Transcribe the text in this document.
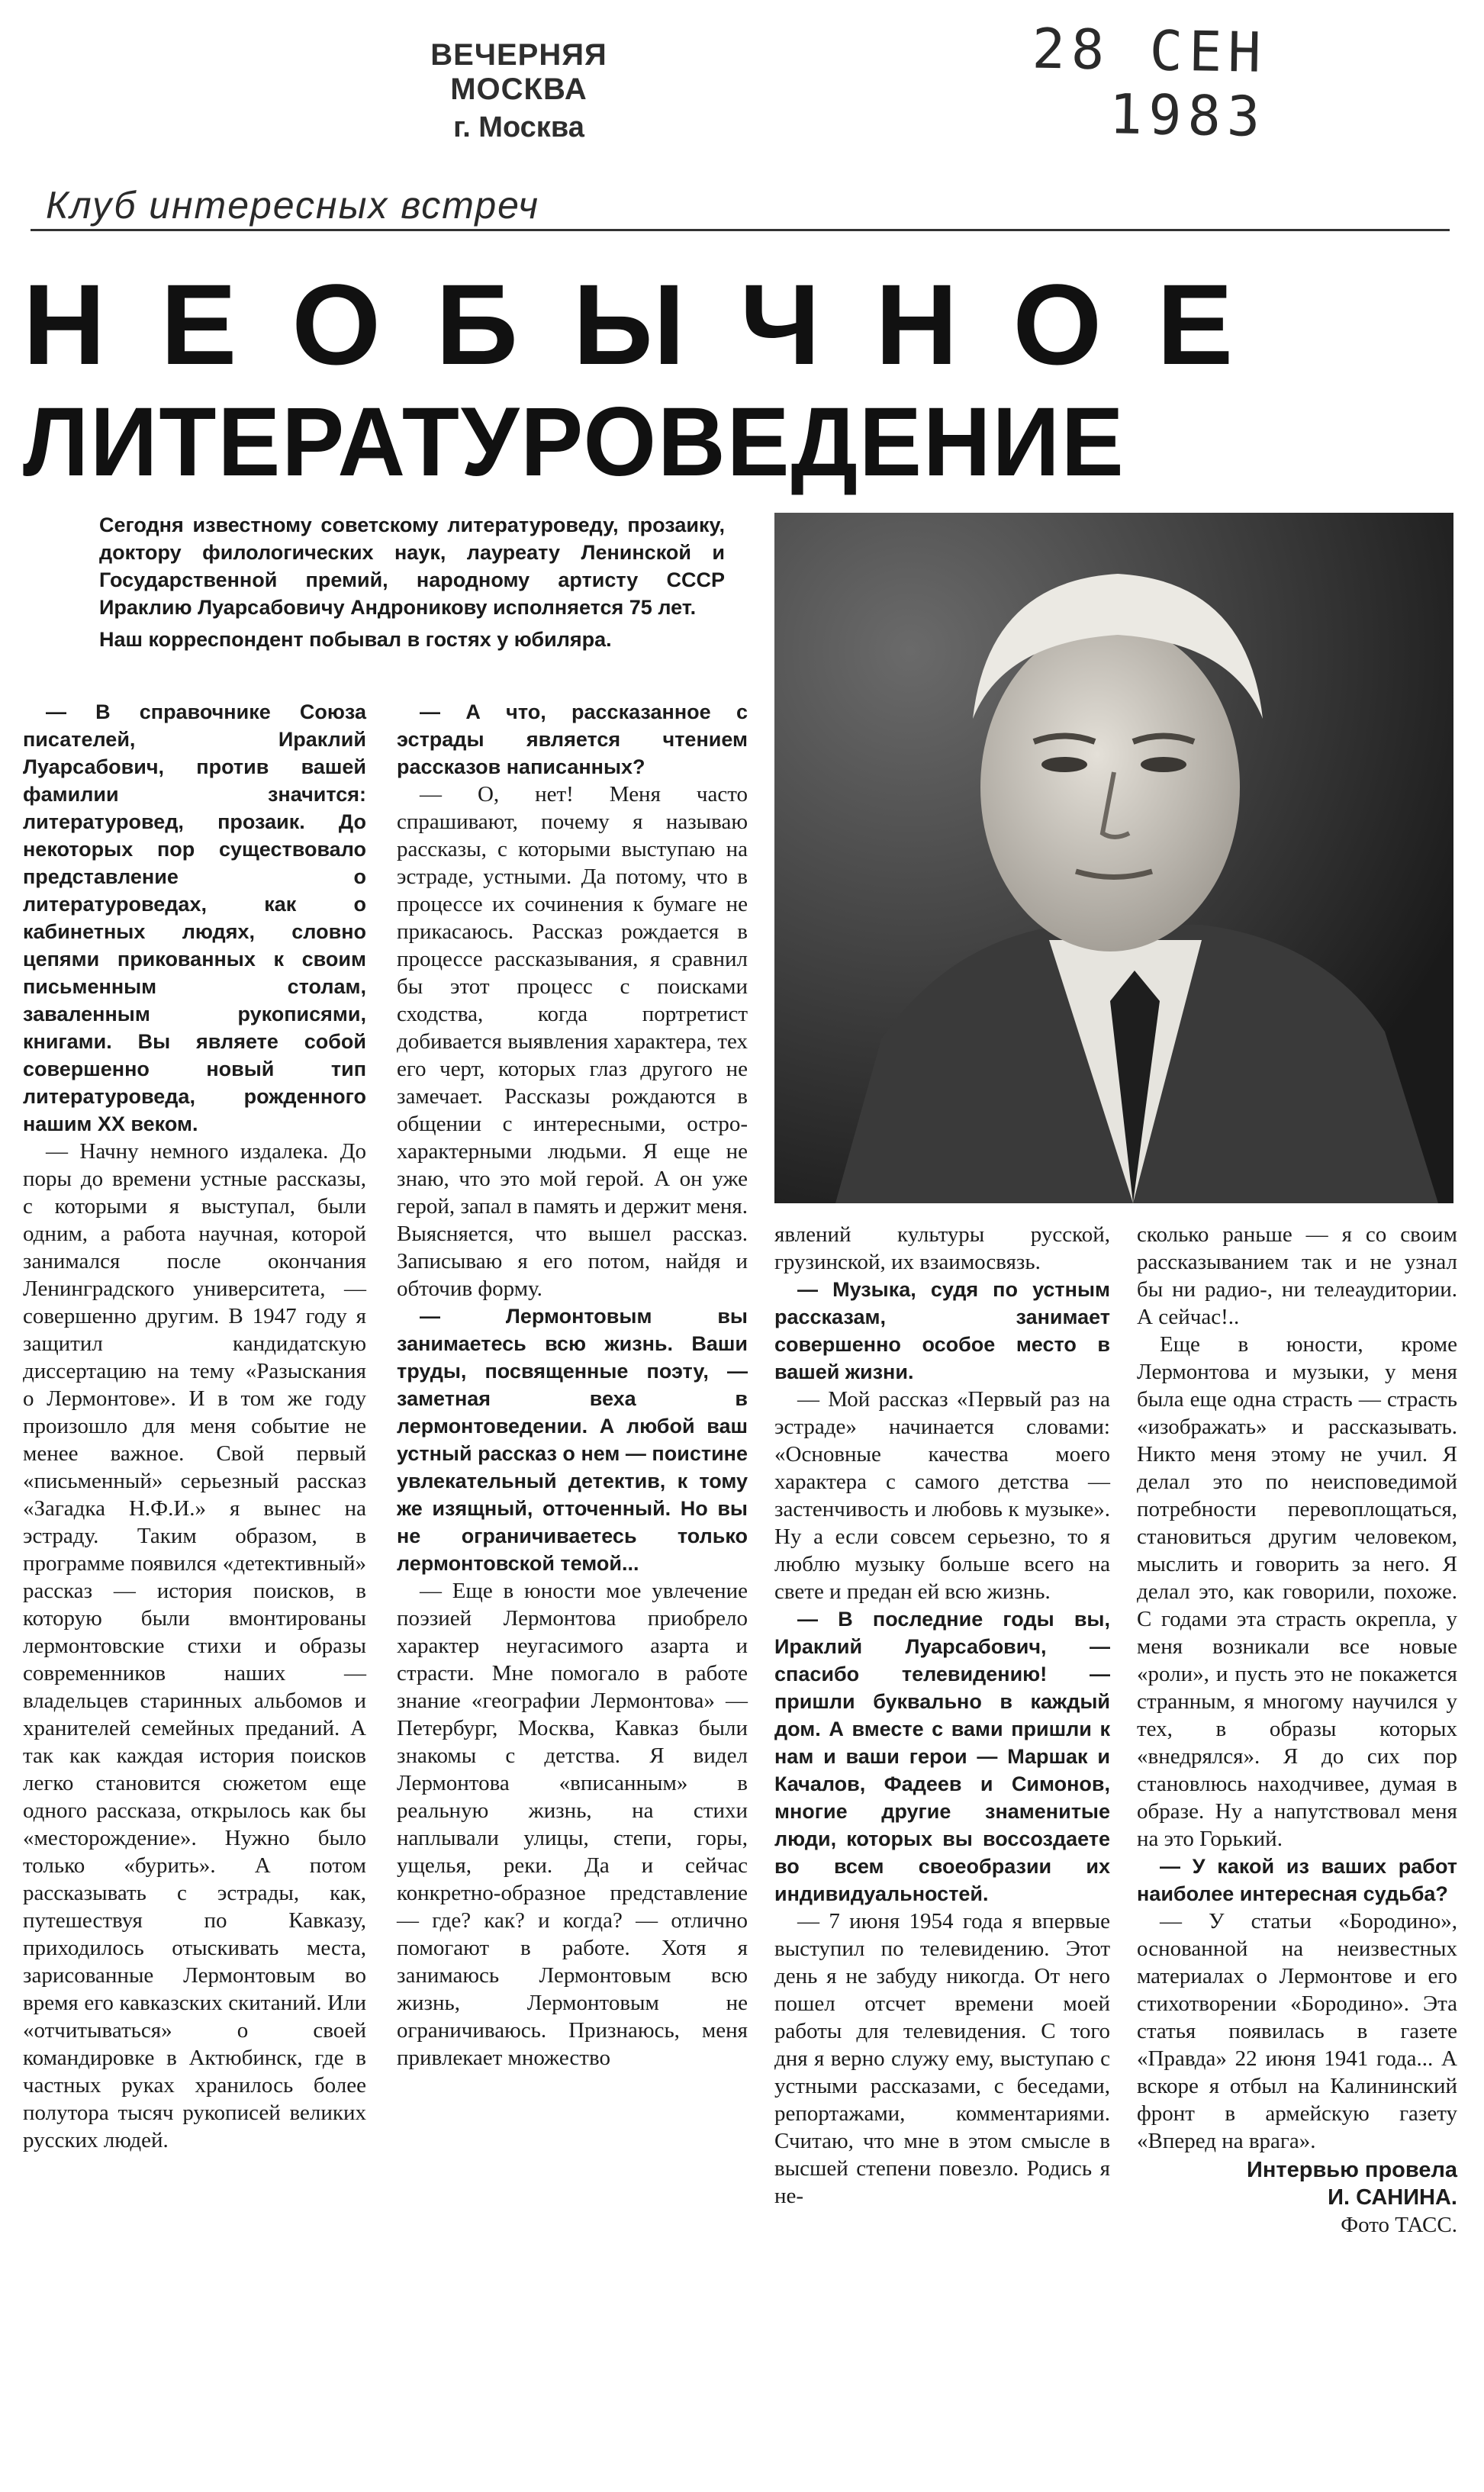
ВЕЧЕРНЯЯ МОСКВА
г. Москва
28 СЕН 1983
Клуб интересных встреч
НЕОБЫЧНОЕ
ЛИТЕРАТУРОВЕДЕНИЕ

Сегодня известному советскому литературоведу, прозаику, доктору филологических наук, лауреату Ленинской и Государственной премий, народному артисту СССР Ираклию Луарсабовичу Андроникову исполняется 75 лет.

Наш корреспондент побывал в гостях у юбиляра.

— В справочнике Союза писателей, Ираклий Луарсабович, против вашей фамилии значится: литературовед, прозаик. До некоторых пор существовало представление о литературоведах, как о кабинетных людях, словно цепями прикованных к своим письменным столам, заваленным рукописями, книгами. Вы являете собой совершенно новый тип литературоведа, рожденного нашим XX веком.

— Начну немного издалека. До поры до времени устные рассказы, с которыми я выступал, были одним, а работа научная, которой занимался после окончания Ленинградского университета, — совершенно другим. В 1947 году я защитил кандидатскую диссертацию на тему «Разыскания о Лермонтове». И в том же году произошло для меня событие не менее важное. Свой первый «письменный» серьезный рассказ «Загадка Н.Ф.И.» я вынес на эстраду. Таким образом, в программе появился «детективный» рассказ — история поисков, в которую были вмонтированы лермонтовские стихи и образы современников наших — владельцев старинных альбомов и хранителей семейных преданий. А так как каждая история поисков легко становится сюжетом еще одного рассказа, открылось как бы «месторождение». Нужно было только «бурить». А потом рассказывать с эстрады, как, путешествуя по Кавказу, приходилось отыскивать места, зарисованные Лермонтовым во время его кавказских скитаний. Или «отчитываться» о своей командировке в Актюбинск, где в частных руках хранилось более полутора тысяч рукописей великих русских людей.

— А что, рассказанное с эстрады является чтением рассказов написанных?

— О, нет! Меня часто спрашивают, почему я называю рассказы, с которыми выступаю на эстраде, устными. Да потому, что в процессе их сочинения к бумаге не прикасаюсь. Рассказ рождается в процессе рассказывания, я сравнил бы этот процесс с поисками сходства, когда портретист добивается выявления характера, тех его черт, которых глаз другого не замечает. Рассказы рождаются в общении с интересными, острохарактерными людьми. Я еще не знаю, что это мой герой. А он уже герой, запал в память и держит меня. Выясняется, что вышел рассказ. Записываю я его потом, найдя и обточив форму.

— Лермонтовым вы занимаетесь всю жизнь. Ваши труды, посвященные поэту, — заметная веха в лермонтоведении. А любой ваш устный рассказ о нем — поистине увлекательный детектив, к тому же изящный, отточенный. Но вы не ограничиваетесь только лермонтовской темой...

— Еще в юности мое увлечение поэзией Лермонтова приобрело характер неугасимого азарта и страсти. Мне помогало в работе знание «географии Лермонтова» — Петербург, Москва, Кавказ были знакомы с детства. Я видел Лермонтова «вписанным» в реальную жизнь, на стихи наплывали улицы, степи, горы, ущелья, реки. Да и сейчас конкретно-образное представление — где? как? и когда? — отлично помогают в работе. Хотя я занимаюсь Лермонтовым всю жизнь, Лермонтовым не ограничиваюсь. Признаюсь, меня привлекает множество

явлений культуры русской, грузинской, их взаимосвязь.

— Музыка, судя по устным рассказам, занимает совершенно особое место в вашей жизни.

— Мой рассказ «Первый раз на эстраде» начинается словами: «Основные качества моего характера с самого детства — застенчивость и любовь к музыке». Ну а если совсем серьезно, то я люблю музыку больше всего на свете и предан ей всю жизнь.

— В последние годы вы, Ираклий Луарсабович, — спасибо телевидению! — пришли буквально в каждый дом. А вместе с вами пришли к нам и ваши герои — Маршак и Качалов, Фадеев и Симонов, многие другие знаменитые люди, которых вы воссоздаете во всем своеобразии их индивидуальностей.

— 7 июня 1954 года я впервые выступил по телевидению. Этот день я не забуду никогда. От него пошел отсчет времени моей работы для телевидения. С того дня я верно служу ему, выступаю с устными рассказами, с беседами, репортажами, комментариями. Считаю, что мне в этом смысле в высшей степени повезло. Родись я не-

сколько раньше — я со своим рассказыванием так и не узнал бы ни радио-, ни телеаудитории. А сейчас!..

Еще в юности, кроме Лермонтова и музыки, у меня была еще одна страсть — страсть «изображать» и рассказывать. Никто меня этому не учил. Я делал это по неисповедимой потребности перевоплощаться, становиться другим человеком, мыслить и говорить за него. Я делал это, как говорили, похоже. С годами эта страсть окрепла, у меня возникали все новые «роли», и пусть это не покажется странным, я многому научился у тех, в образы которых «внедрялся». Я до сих пор становлюсь находчивее, думая в образе. Ну а напутствовал меня на это Горький.

— У какой из ваших работ наиболее интересная судьба?

— У статьи «Бородино», основанной на неизвестных материалах о Лермонтове и его стихотворении «Бородино». Эта статья появилась в газете «Правда» 22 июня 1941 года... А вскоре я отбыл на Калининский фронт в армейскую газету «Вперед на врага».

Интервью провела
И. САНИНА.
Фото ТАСС.
